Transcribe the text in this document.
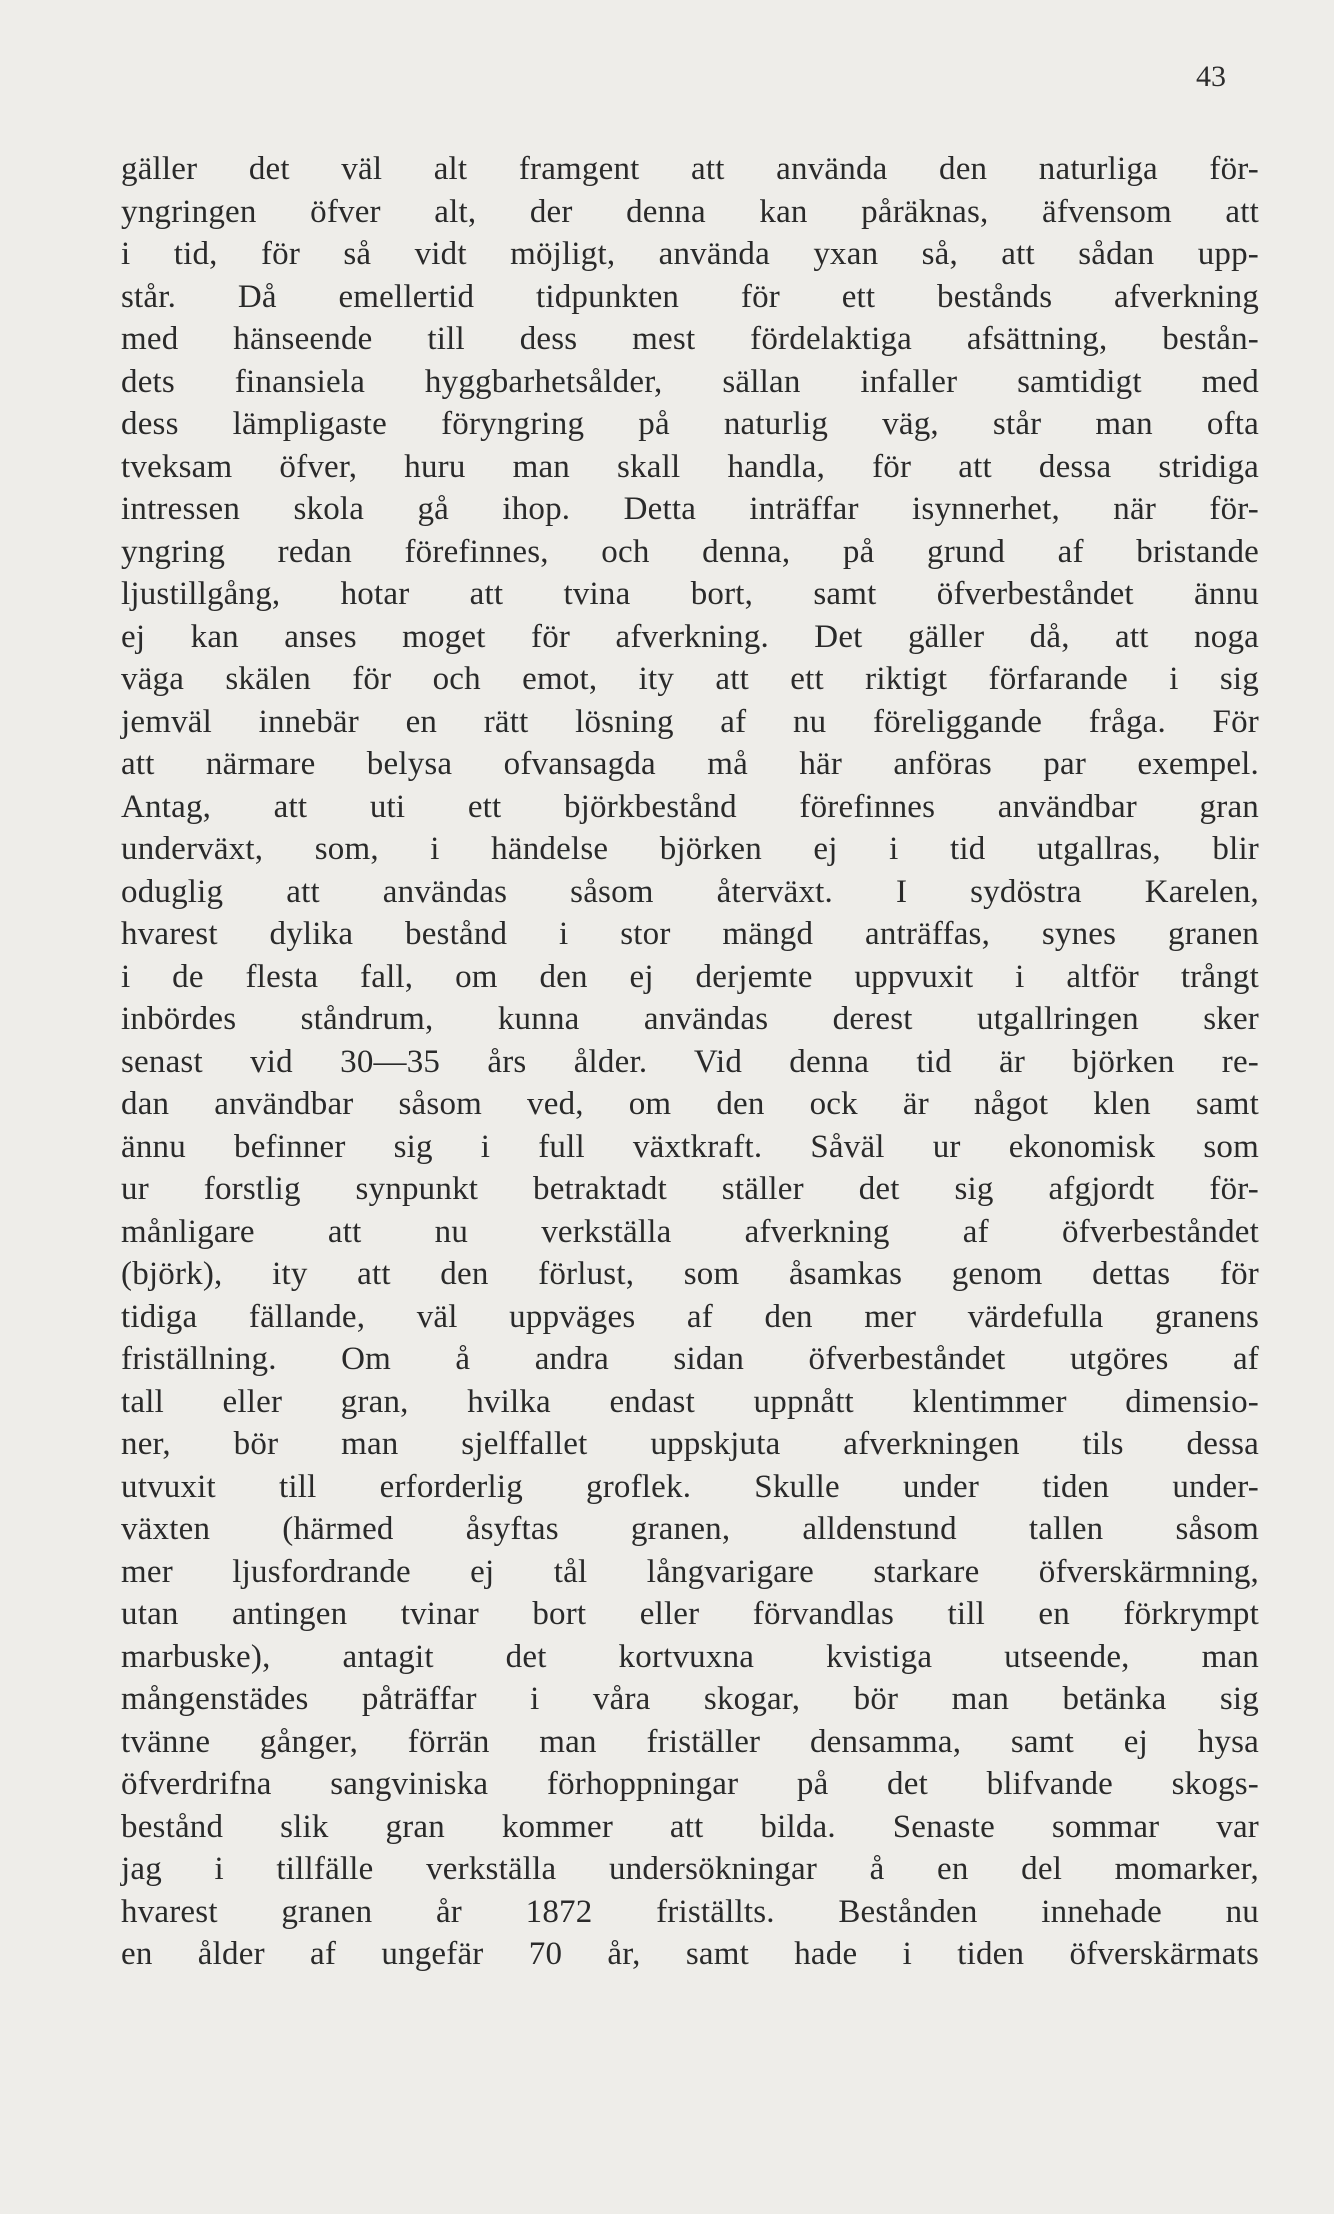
43
gäller det väl alt framgent att använda den naturliga för-
yngringen öfver alt, der denna kan påräknas, äfvensom att
i tid, för så vidt möjligt, använda yxan så, att sådan upp-
står. Då emellertid tidpunkten för ett bestånds afverkning
med hänseende till dess mest fördelaktiga afsättning, bestån-
dets finansiela hyggbarhetsålder, sällan infaller samtidigt med
dess lämpligaste föryngring på naturlig väg, står man ofta
tveksam öfver, huru man skall handla, för att dessa stridiga
intressen skola gå ihop. Detta inträffar isynnerhet, när för-
yngring redan förefinnes, och denna, på grund af bristande
ljustillgång, hotar att tvina bort, samt öfverbeståndet ännu
ej kan anses moget för afverkning. Det gäller då, att noga
väga skälen för och emot, ity att ett riktigt förfarande i sig
jemväl innebär en rätt lösning af nu föreliggande fråga. För
att närmare belysa ofvansagda må här anföras par exempel.
Antag, att uti ett björkbestånd förefinnes användbar gran
underväxt, som, i händelse björken ej i tid utgallras, blir
oduglig att användas såsom återväxt. I sydöstra Karelen,
hvarest dylika bestånd i stor mängd anträffas, synes granen
i de flesta fall, om den ej derjemte uppvuxit i altför trångt
inbördes ståndrum, kunna användas derest utgallringen sker
senast vid 30—35 års ålder. Vid denna tid är björken re-
dan användbar såsom ved, om den ock är något klen samt
ännu befinner sig i full växtkraft. Såväl ur ekonomisk som
ur forstlig synpunkt betraktadt ställer det sig afgjordt för-
månligare att nu verkställa afverkning af öfverbeståndet
(björk), ity att den förlust, som åsamkas genom dettas för
tidiga fällande, väl uppväges af den mer värdefulla granens
friställning. Om å andra sidan öfverbeståndet utgöres af
tall eller gran, hvilka endast uppnått klentimmer dimensio-
ner, bör man sjelffallet uppskjuta afverkningen tils dessa
utvuxit till erforderlig groflek. Skulle under tiden under-
växten (härmed åsyftas granen, alldenstund tallen såsom
mer ljusfordrande ej tål långvarigare starkare öfverskärmning,
utan antingen tvinar bort eller förvandlas till en förkrympt
marbuske), antagit det kortvuxna kvistiga utseende, man
mångenstädes påträffar i våra skogar, bör man betänka sig
tvänne gånger, förrän man friställer densamma, samt ej hysa
öfverdrifna sangviniska förhoppningar på det blifvande skogs-
bestånd slik gran kommer att bilda. Senaste sommar var
jag i tillfälle verkställa undersökningar å en del momarker,
hvarest granen år 1872 friställts. Bestånden innehade nu
en ålder af ungefär 70 år, samt hade i tiden öfverskärmats
